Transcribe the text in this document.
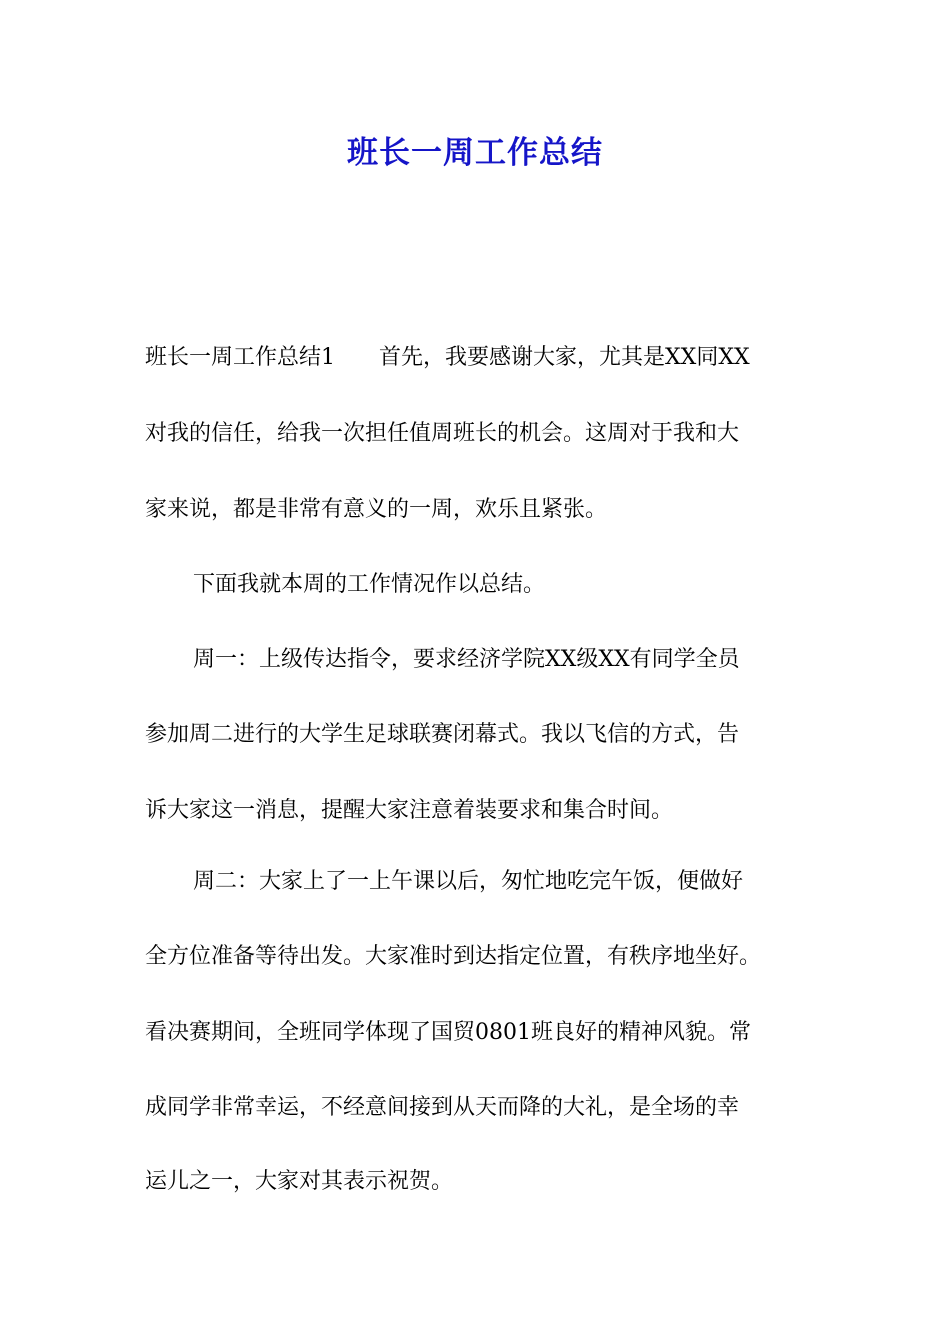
班长一周工作总结
班长一周工作总结1　　首先，我要感谢大家，尤其是XX同XX
对我的信任，给我一次担任值周班长的机会。这周对于我和大
家来说，都是非常有意义的一周，欢乐且紧张。
下面我就本周的工作情况作以总结。
周一：上级传达指令，要求经济学院XX级XX有同学全员
参加周二进行的大学生足球联赛闭幕式。我以飞信的方式，告
诉大家这一消息，提醒大家注意着装要求和集合时间。
周二：大家上了一上午课以后，匆忙地吃完午饭，便做好
全方位准备等待出发。大家准时到达指定位置，有秩序地坐好。
看决赛期间，全班同学体现了国贸0801班良好的精神风貌。常
成同学非常幸运，不经意间接到从天而降的大礼，是全场的幸
运儿之一，大家对其表示祝贺。
